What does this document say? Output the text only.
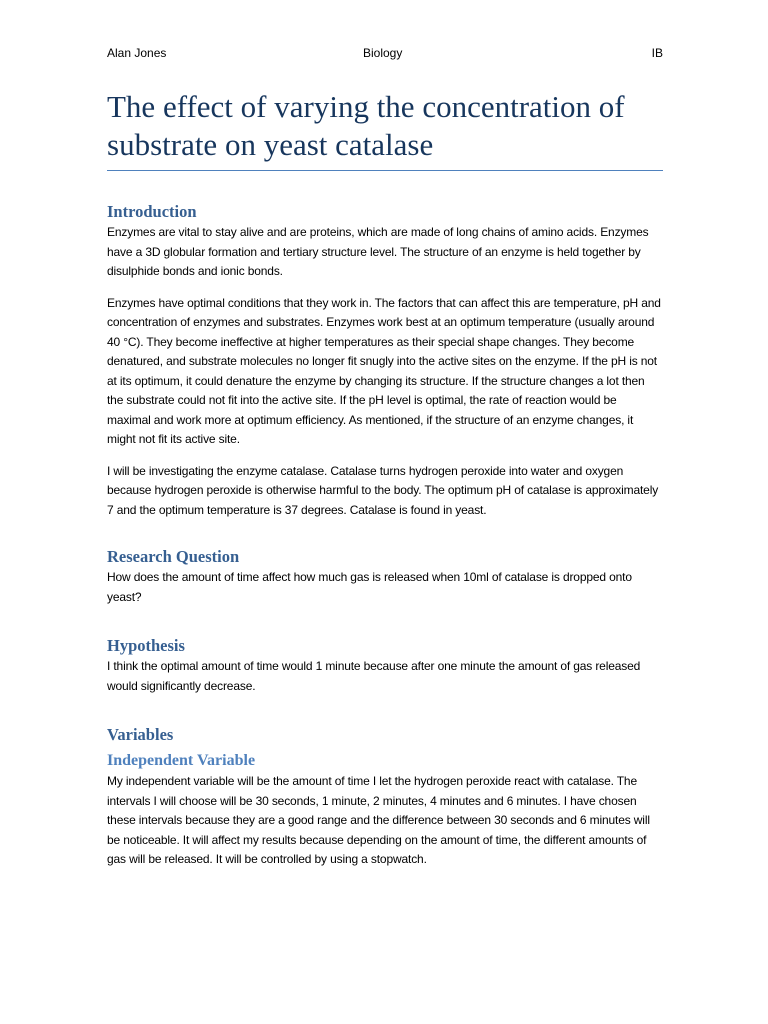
Alan Jones	Biology	IB
The effect of varying the concentration of substrate on yeast catalase
Introduction

Enzymes are vital to stay alive and are proteins, which are made of long chains of amino acids. Enzymes have a 3D globular formation and tertiary structure level. The structure of an enzyme is held together by disulphide bonds and ionic bonds.

Enzymes have optimal conditions that they work in. The factors that can affect this are temperature, pH and concentration of enzymes and substrates. Enzymes work best at an optimum temperature (usually around 40 °C). They become ineffective at higher temperatures as their special shape changes. They become denatured, and substrate molecules no longer fit snugly into the active sites on the enzyme. If the pH is not at its optimum, it could denature the enzyme by changing its structure. If the structure changes a lot then the substrate could not fit into the active site. If the pH level is optimal, the rate of reaction would be maximal and work more at optimum efficiency. As mentioned, if the structure of an enzyme changes, it might not fit its active site.

I will be investigating the enzyme catalase. Catalase turns hydrogen peroxide into water and oxygen because hydrogen peroxide is otherwise harmful to the body. The optimum pH of catalase is approximately 7 and the optimum temperature is 37 degrees. Catalase is found in yeast.

Research Question

How does the amount of time affect how much gas is released when 10ml of catalase is dropped onto yeast?

Hypothesis

I think the optimal amount of time would 1 minute because after one minute the amount of gas released would significantly decrease.

Variables
Independent Variable

My independent variable will be the amount of time I let the hydrogen peroxide react with catalase. The intervals I will choose will be 30 seconds, 1 minute, 2 minutes, 4 minutes and 6 minutes. I have chosen these intervals because they are a good range and the difference between 30 seconds and 6 minutes will be noticeable. It will affect my results because depending on the amount of time, the different amounts of gas will be released. It will be controlled by using a stopwatch.
